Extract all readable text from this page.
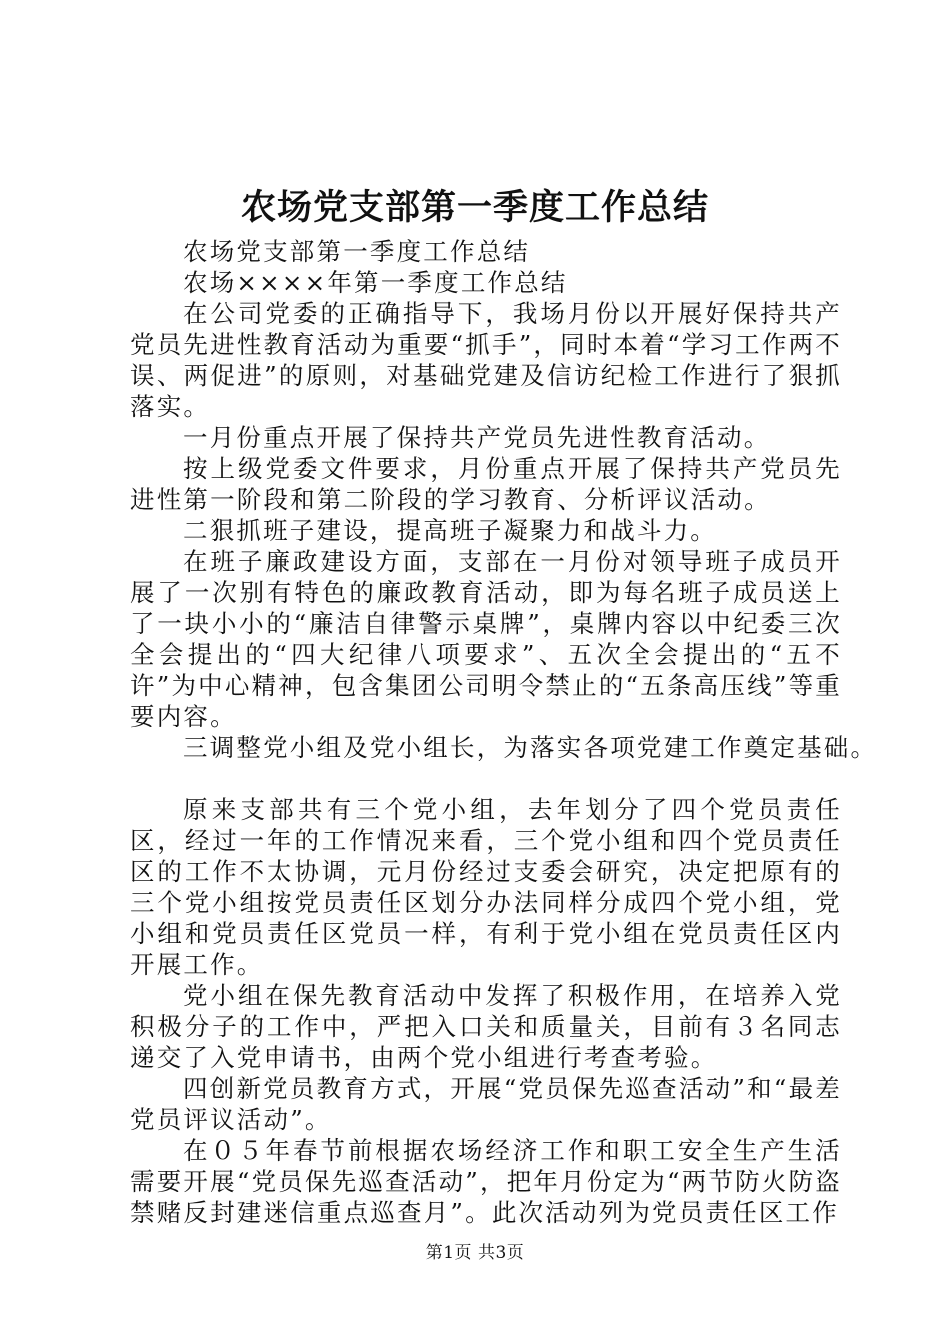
农场党支部第一季度工作总结

农场党支部第一季度工作总结

农场××××年第一季度工作总结

在公司党委的正确指导下，我场月份以开展好保持共产党员先进性教育活动为重要“抓手”，同时本着“学习工作两不误、两促进”的原则，对基础党建及信访纪检工作进行了狠抓落实。

一月份重点开展了保持共产党员先进性教育活动。

按上级党委文件要求，月份重点开展了保持共产党员先进性第一阶段和第二阶段的学习教育、分析评议活动。

二狠抓班子建设，提高班子凝聚力和战斗力。

在班子廉政建设方面，支部在一月份对领导班子成员开展了一次别有特色的廉政教育活动，即为每名班子成员送上了一块小小的“廉洁自律警示桌牌”，桌牌内容以中纪委三次全会提出的“四大纪律八项要求”、五次全会提出的“五不许”为中心精神，包含集团公司明令禁止的“五条高压线”等重要内容。

三调整党小组及党小组长，为落实各项党建工作奠定基础。

原来支部共有三个党小组，去年划分了四个党员责任区，经过一年的工作情况来看，三个党小组和四个党员责任区的工作不太协调，元月份经过支委会研究，决定把原有的三个党小组按党员责任区划分办法同样分成四个党小组，党小组和党员责任区党员一样，有利于党小组在党员责任区内开展工作。

党小组在保先教育活动中发挥了积极作用，在培养入党积极分子的工作中，严把入口关和质量关，目前有３名同志递交了入党申请书，由两个党小组进行考查考验。

四创新党员教育方式，开展“党员保先巡查活动”和“最差党员评议活动”。

在０５年春节前根据农场经济工作和职工安全生产生活需要开展“党员保先巡查活动”，把年月份定为“两节防火防盗禁赌反封建迷信重点巡查月”。此次活动列为党员责任区工作

第1页 共3页
